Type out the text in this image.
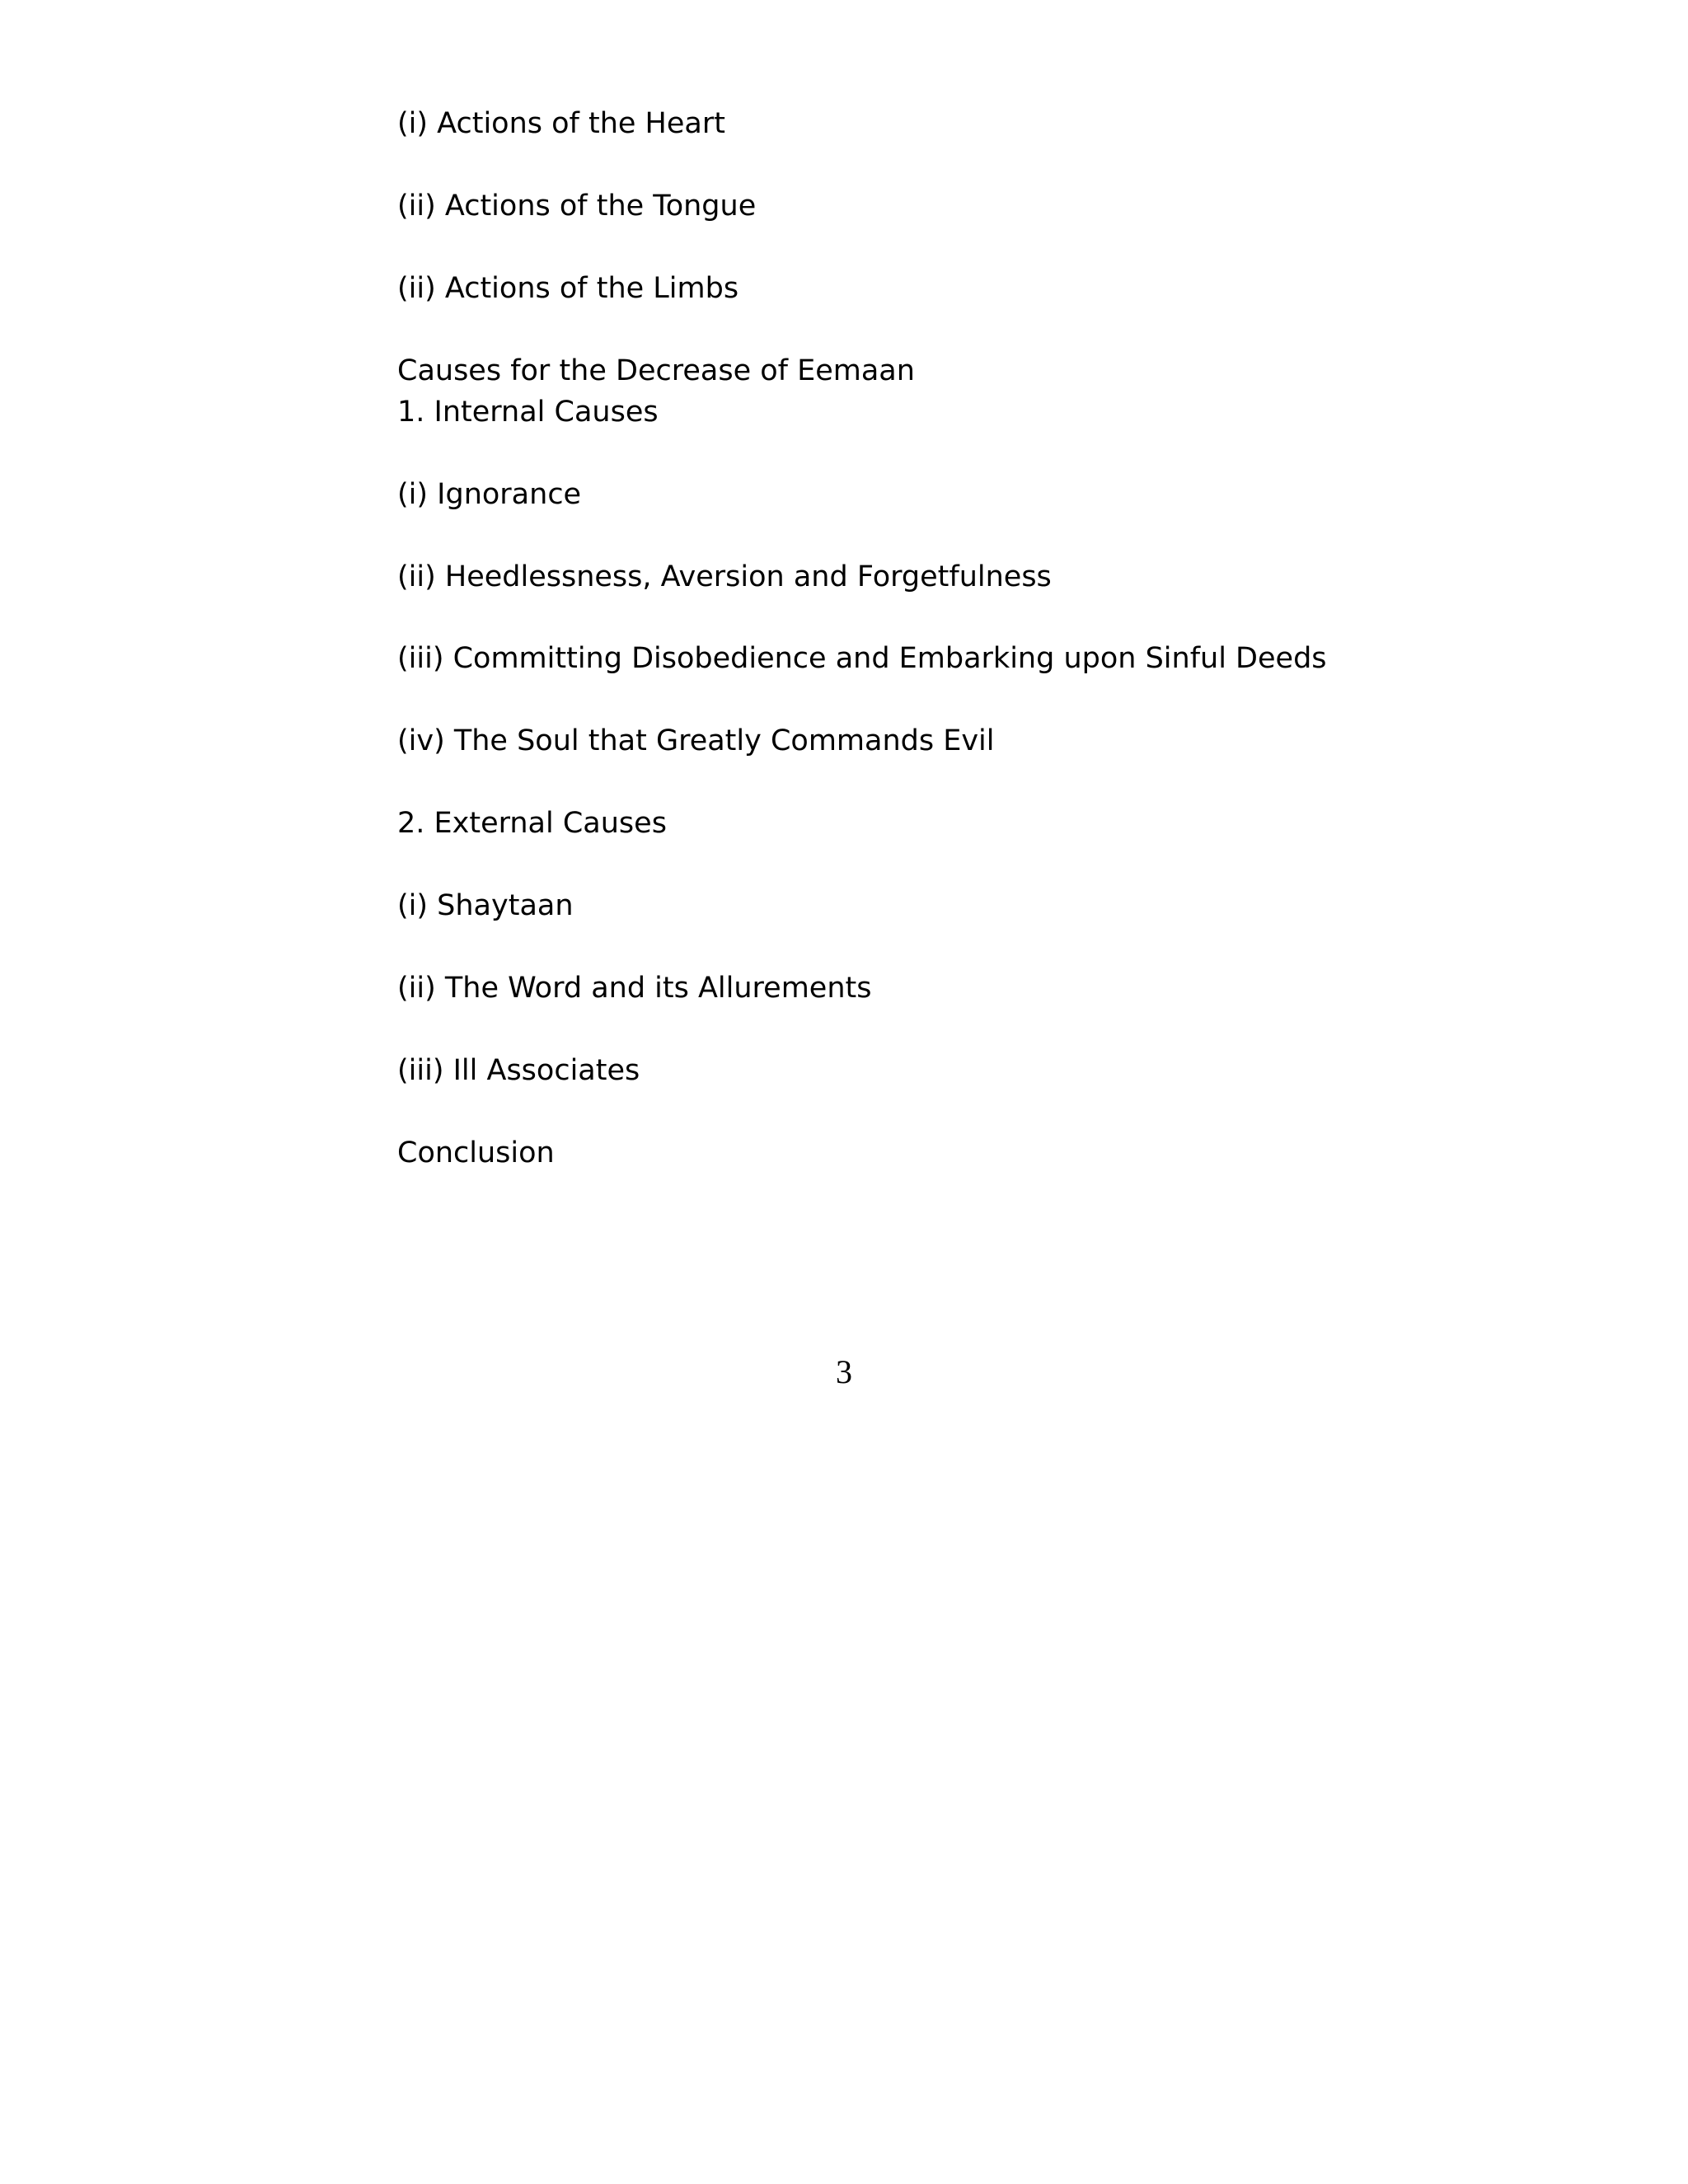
(i) Actions of the Heart

(ii) Actions of the Tongue

(ii) Actions of the Limbs

Causes for the Decrease of Eemaan

1. Internal Causes

(i) Ignorance

(ii) Heedlessness, Aversion and Forgetfulness

(iii) Committing Disobedience and Embarking upon Sinful Deeds

(iv) The Soul that Greatly Commands Evil

2. External Causes

(i) Shaytaan

(ii) The Word and its Allurements

(iii) Ill Associates

Conclusion

3
